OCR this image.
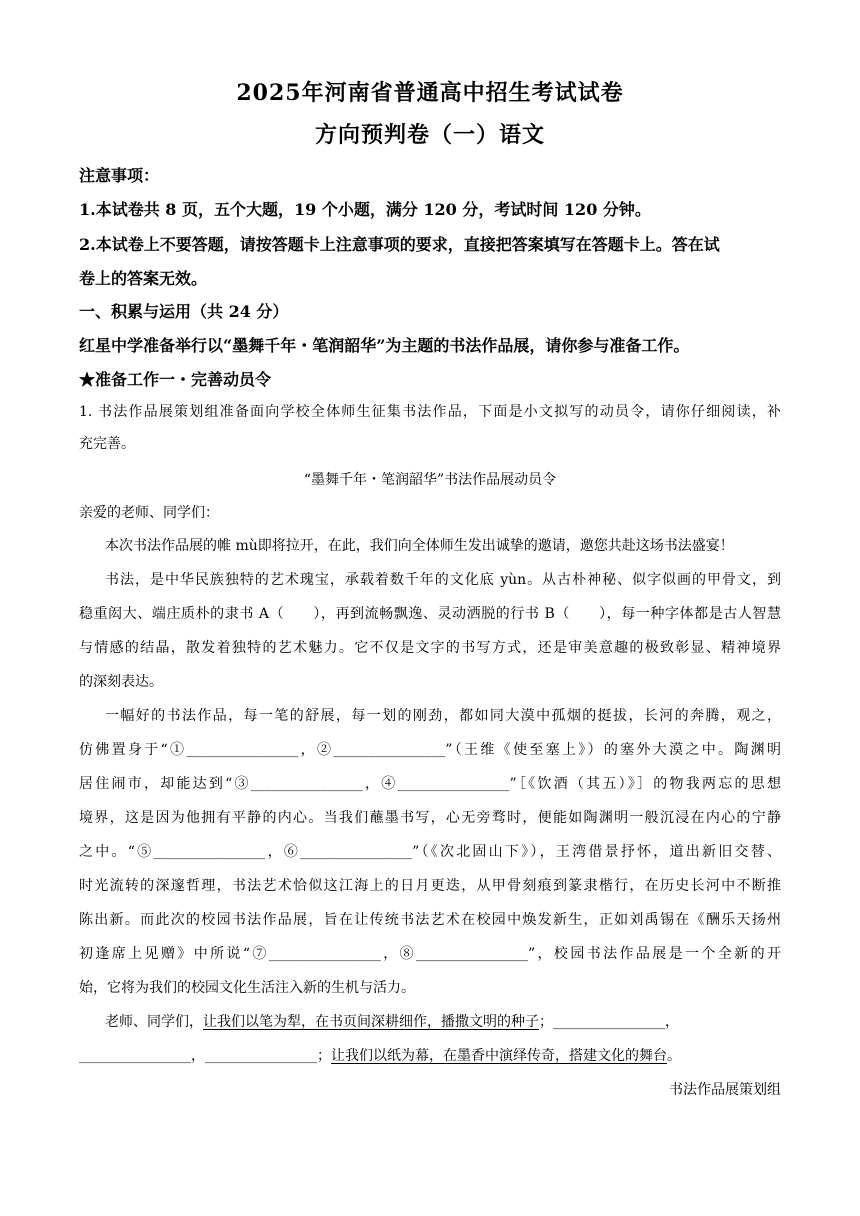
2025年河南省普通高中招生考试试卷
方向预判卷（一）语文
注意事项：
1.本试卷共 8 页，五个大题，19 个小题，满分 120 分，考试时间 120 分钟。
2.本试卷上不要答题，请按答题卡上注意事项的要求，直接把答案填写在答题卡上。答在试
卷上的答案无效。
一、积累与运用（共 24 分）
红星中学准备举行以“墨舞千年・笔润韶华”为主题的书法作品展，请你参与准备工作。
★准备工作一・完善动员令
1. 书法作品展策划组准备面向学校全体师生征集书法作品，下面是小文拟写的动员令，请你仔细阅读，补
充完善。
“墨舞千年・笔润韶华”书法作品展动员令
亲爱的老师、同学们：
本次书法作品展的帷 mù即将拉开，在此，我们向全体师生发出诚挚的邀请，邀您共赴这场书法盛宴！
书法，是中华民族独特的艺术瑰宝，承载着数千年的文化底 yùn。从古朴神秘、似字似画的甲骨文，到
稳重闳大、端庄质朴的隶书 A（　　），再到流畅飘逸、灵动洒脱的行书 B（　　），每一种字体都是古人智慧
与情感的结晶，散发着独特的艺术魅力。它不仅是文字的书写方式，还是审美意趣的极致彰显、精神境界
的深刻表达。
一幅好的书法作品，每一笔的舒展，每一划的刚劲，都如同大漠中孤烟的挺拔，长河的奔腾，观之，
仿佛置身于“①________________，②________________”（王维《使至塞上》）的塞外大漠之中。陶渊明
居住闹市，却能达到“③________________，④________________”［《饮酒（其五）》］的物我两忘的思想
境界，这是因为他拥有平静的内心。当我们蘸墨书写，心无旁骛时，便能如陶渊明一般沉浸在内心的宁静
之中。“⑤________________，⑥________________”（《次北固山下》），王湾借景抒怀，道出新旧交替、
时光流转的深邃哲理，书法艺术恰似这江海上的日月更迭，从甲骨刻痕到篆隶楷行，在历史长河中不断推
陈出新。而此次的校园书法作品展，旨在让传统书法艺术在校园中焕发新生，正如刘禹锡在《酬乐天扬州
初逢席上见赠》中所说“⑦________________，⑧________________”，校园书法作品展是一个全新的开
始，它将为我们的校园文化生活注入新的生机与活力。
老师、同学们，让我们以笔为犁，在书页间深耕细作，播撒文明的种子；________________，
________________，________________；让我们以纸为幕，在墨香中演绎传奇，搭建文化的舞台。
书法作品展策划组
